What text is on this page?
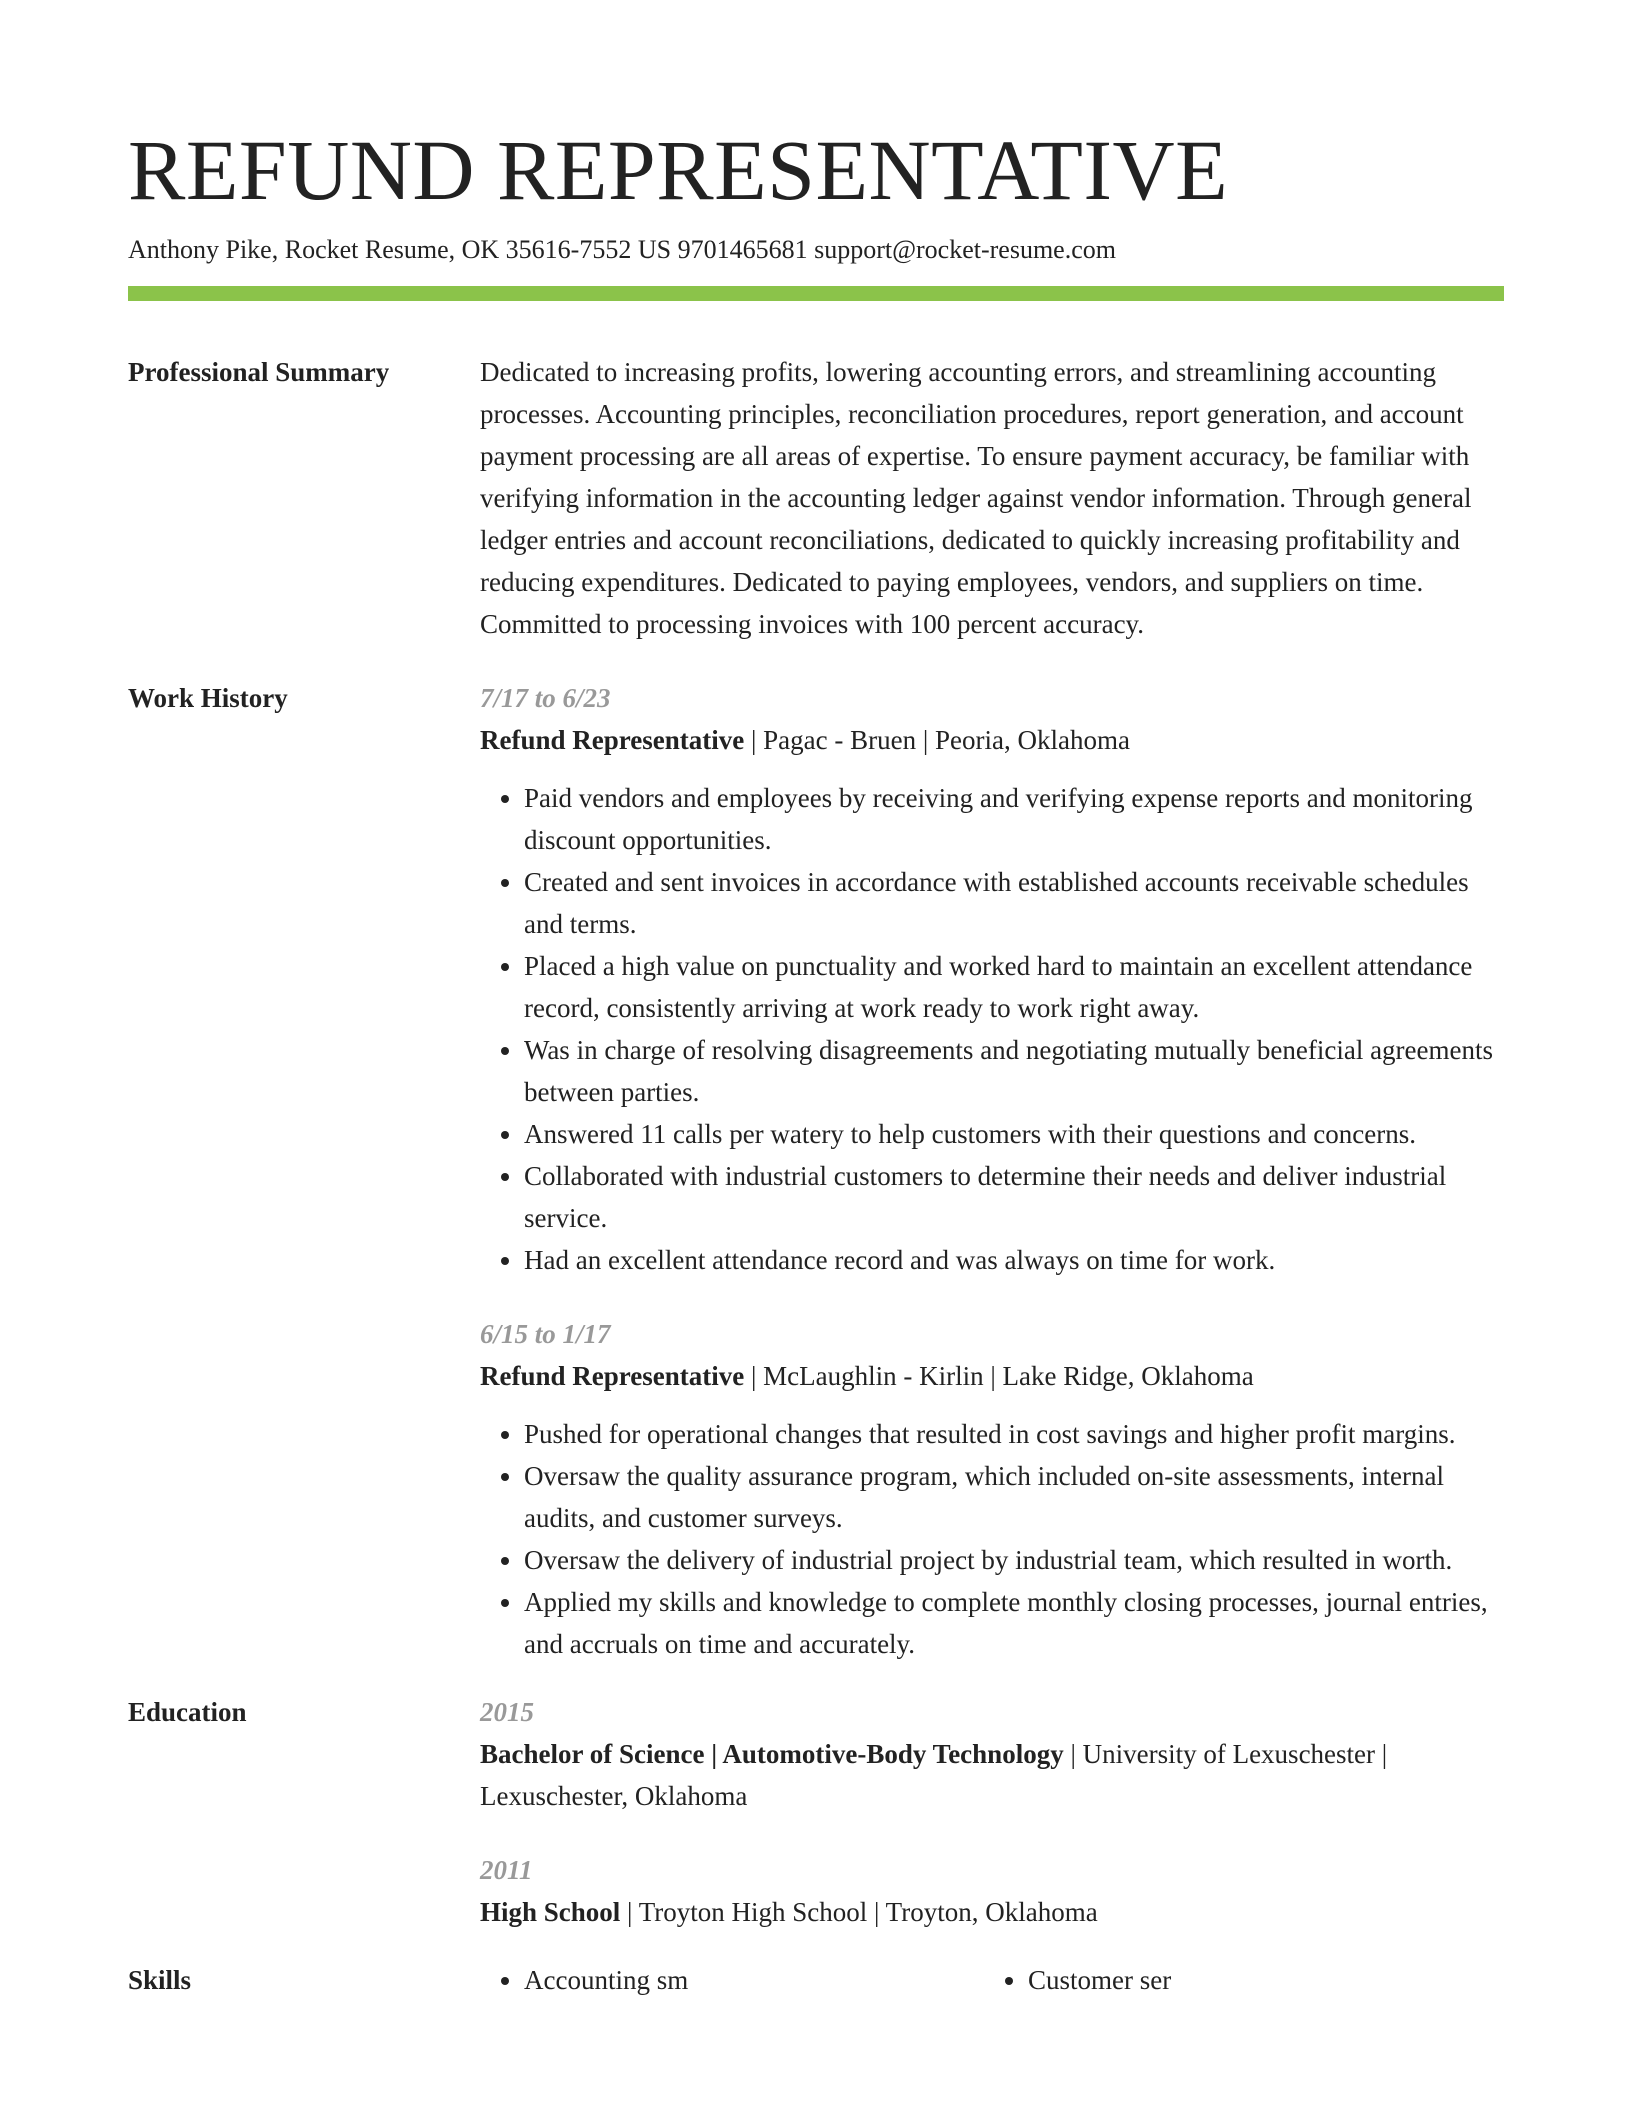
REFUND REPRESENTATIVE
Anthony Pike, Rocket Resume, OK 35616-7552 US 9701465681 support@rocket-resume.com
Professional Summary	Dedicated to increasing profits, lowering accounting errors, and streamlining accounting processes. Accounting principles, reconciliation procedures, report generation, and account payment processing are all areas of expertise. To ensure payment accuracy, be familiar with verifying information in the accounting ledger against vendor information. Through general ledger entries and account reconciliations, dedicated to quickly increasing profitability and reducing expenditures. Dedicated to paying employees, vendors, and suppliers on time. Committed to processing invoices with 100 percent accuracy.
Work History	7/17 to 6/23
Refund Representative | Pagac - Bruen | Peoria, Oklahoma
• Paid vendors and employees by receiving and verifying expense reports and monitoring discount opportunities.
• Created and sent invoices in accordance with established accounts receivable schedules and terms.
• Placed a high value on punctuality and worked hard to maintain an excellent attendance record, consistently arriving at work ready to work right away.
• Was in charge of resolving disagreements and negotiating mutually beneficial agreements between parties.
• Answered 11 calls per watery to help customers with their questions and concerns.
• Collaborated with industrial customers to determine their needs and deliver industrial service.
• Had an excellent attendance record and was always on time for work.
6/15 to 1/17
Refund Representative | McLaughlin - Kirlin | Lake Ridge, Oklahoma
• Pushed for operational changes that resulted in cost savings and higher profit margins.
• Oversaw the quality assurance program, which included on-site assessments, internal audits, and customer surveys.
• Oversaw the delivery of industrial project by industrial team, which resulted in worth.
• Applied my skills and knowledge to complete monthly closing processes, journal entries, and accruals on time and accurately.
Education	2015
Bachelor of Science | Automotive-Body Technology | University of Lexuschester | Lexuschester, Oklahoma
2011
High School | Troyton High School | Troyton, Oklahoma
Skills	• Accounting sm	• Customer ser
